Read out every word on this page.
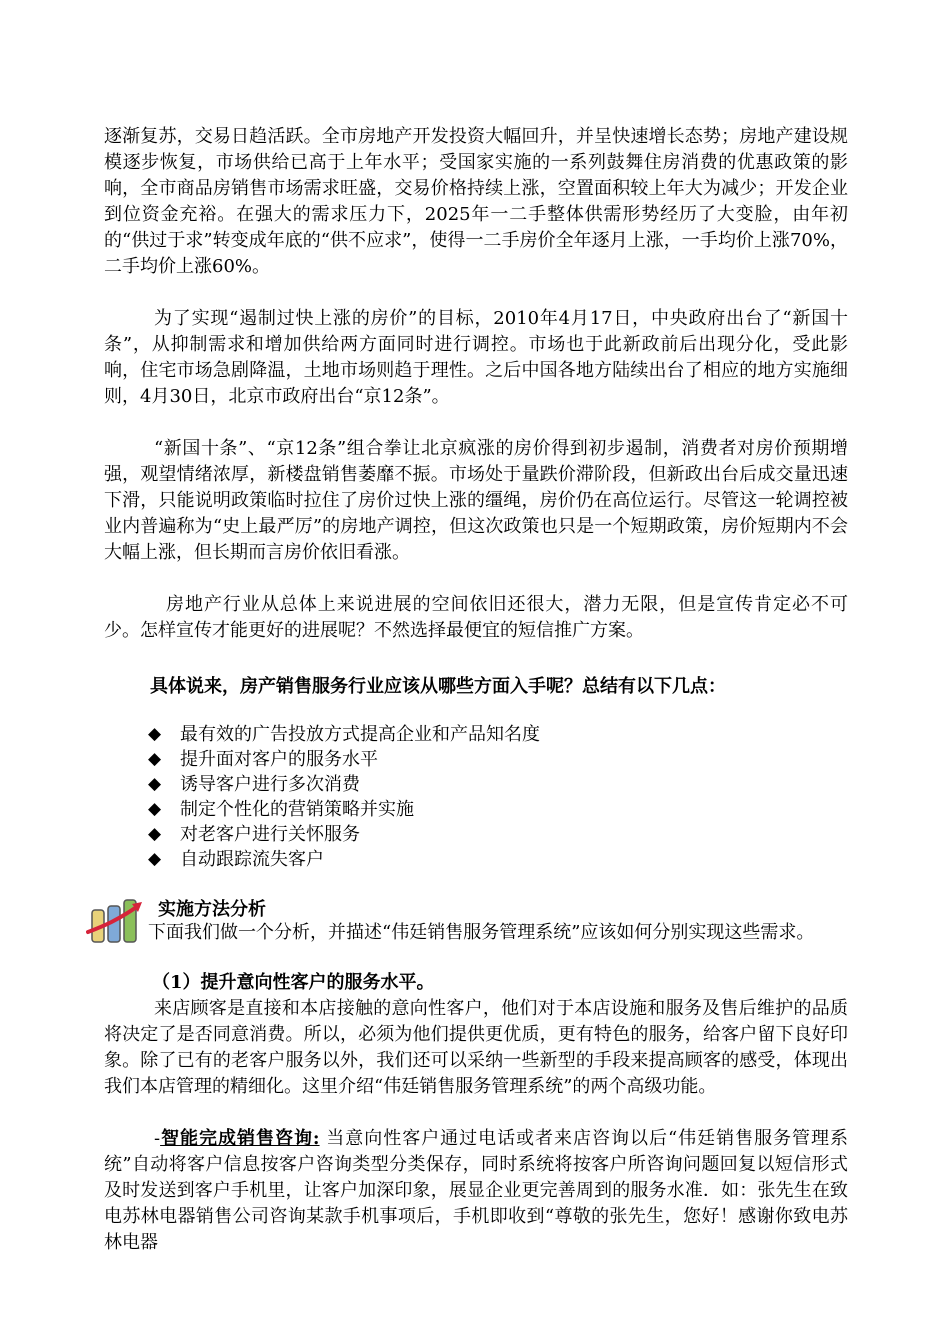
逐渐复苏，交易日趋活跃。全市房地产开发投资大幅回升，并呈快速增长态势；房地产建设规模逐步恢复，市场供给已高于上年水平；受国家实施的一系列鼓舞住房消费的优惠政策的影响，全市商品房销售市场需求旺盛，交易价格持续上涨，空置面积较上年大为减少；开发企业到位资金充裕。在强大的需求压力下，2025年一二手整体供需形势经历了大变脸，由年初的“供过于求”转变成年底的“供不应求”，使得一二手房价全年逐月上涨，一手均价上涨70%，二手均价上涨60%。
为了实现“遏制过快上涨的房价”的目标，2010年4月17日，中央政府出台了“新国十条”，从抑制需求和增加供给两方面同时进行调控。市场也于此新政前后出现分化，受此影响，住宅市场急剧降温，土地市场则趋于理性。之后中国各地方陆续出台了相应的地方实施细则，4月30日，北京市政府出台“京12条”。
“新国十条”、“京12条”组合拳让北京疯涨的房价得到初步遏制，消费者对房价预期增强，观望情绪浓厚，新楼盘销售萎靡不振。市场处于量跌价滞阶段，但新政出台后成交量迅速下滑，只能说明政策临时拉住了房价过快上涨的缰绳，房价仍在高位运行。尽管这一轮调控被业内普遍称为“史上最严厉”的房地产调控，但这次政策也只是一个短期政策，房价短期内不会大幅上涨，但长期而言房价依旧看涨。
房地产行业从总体上来说进展的空间依旧还很大，潜力无限，但是宣传肯定必不可少。怎样宣传才能更好的进展呢？不然选择最便宜的短信推广方案。
具体说来，房产销售服务行业应该从哪些方面入手呢？总结有以下几点：
◆	最有效的广告投放方式提高企业和产品知名度
◆	提升面对客户的服务水平
◆	诱导客户进行多次消费
◆	制定个性化的营销策略并实施
◆	对老客户进行关怀服务
◆	自动跟踪流失客户
实施方法分析
下面我们做一个分析，并描述“伟廷销售服务管理系统”应该如何分别实现这些需求。
（1）提升意向性客户的服务水平。
来店顾客是直接和本店接触的意向性客户，他们对于本店设施和服务及售后维护的品质将决定了是否同意消费。所以，必须为他们提供更优质，更有特色的服务，给客户留下良好印象。除了已有的老客户服务以外，我们还可以采纳一些新型的手段来提高顾客的感受，体现出我们本店管理的精细化。这里介绍“伟廷销售服务管理系统”的两个高级功能。
-智能完成销售咨询: 当意向性客户通过电话或者来店咨询以后“伟廷销售服务管理系统”自动将客户信息按客户咨询类型分类保存，同时系统将按客户所咨询问题回复以短信形式及时发送到客户手机里，让客户加深印象，展显企业更完善周到的服务水准．如：张先生在致电苏林电器销售公司咨询某款手机事项后，手机即收到“尊敬的张先生，您好！感谢你致电苏林电器
